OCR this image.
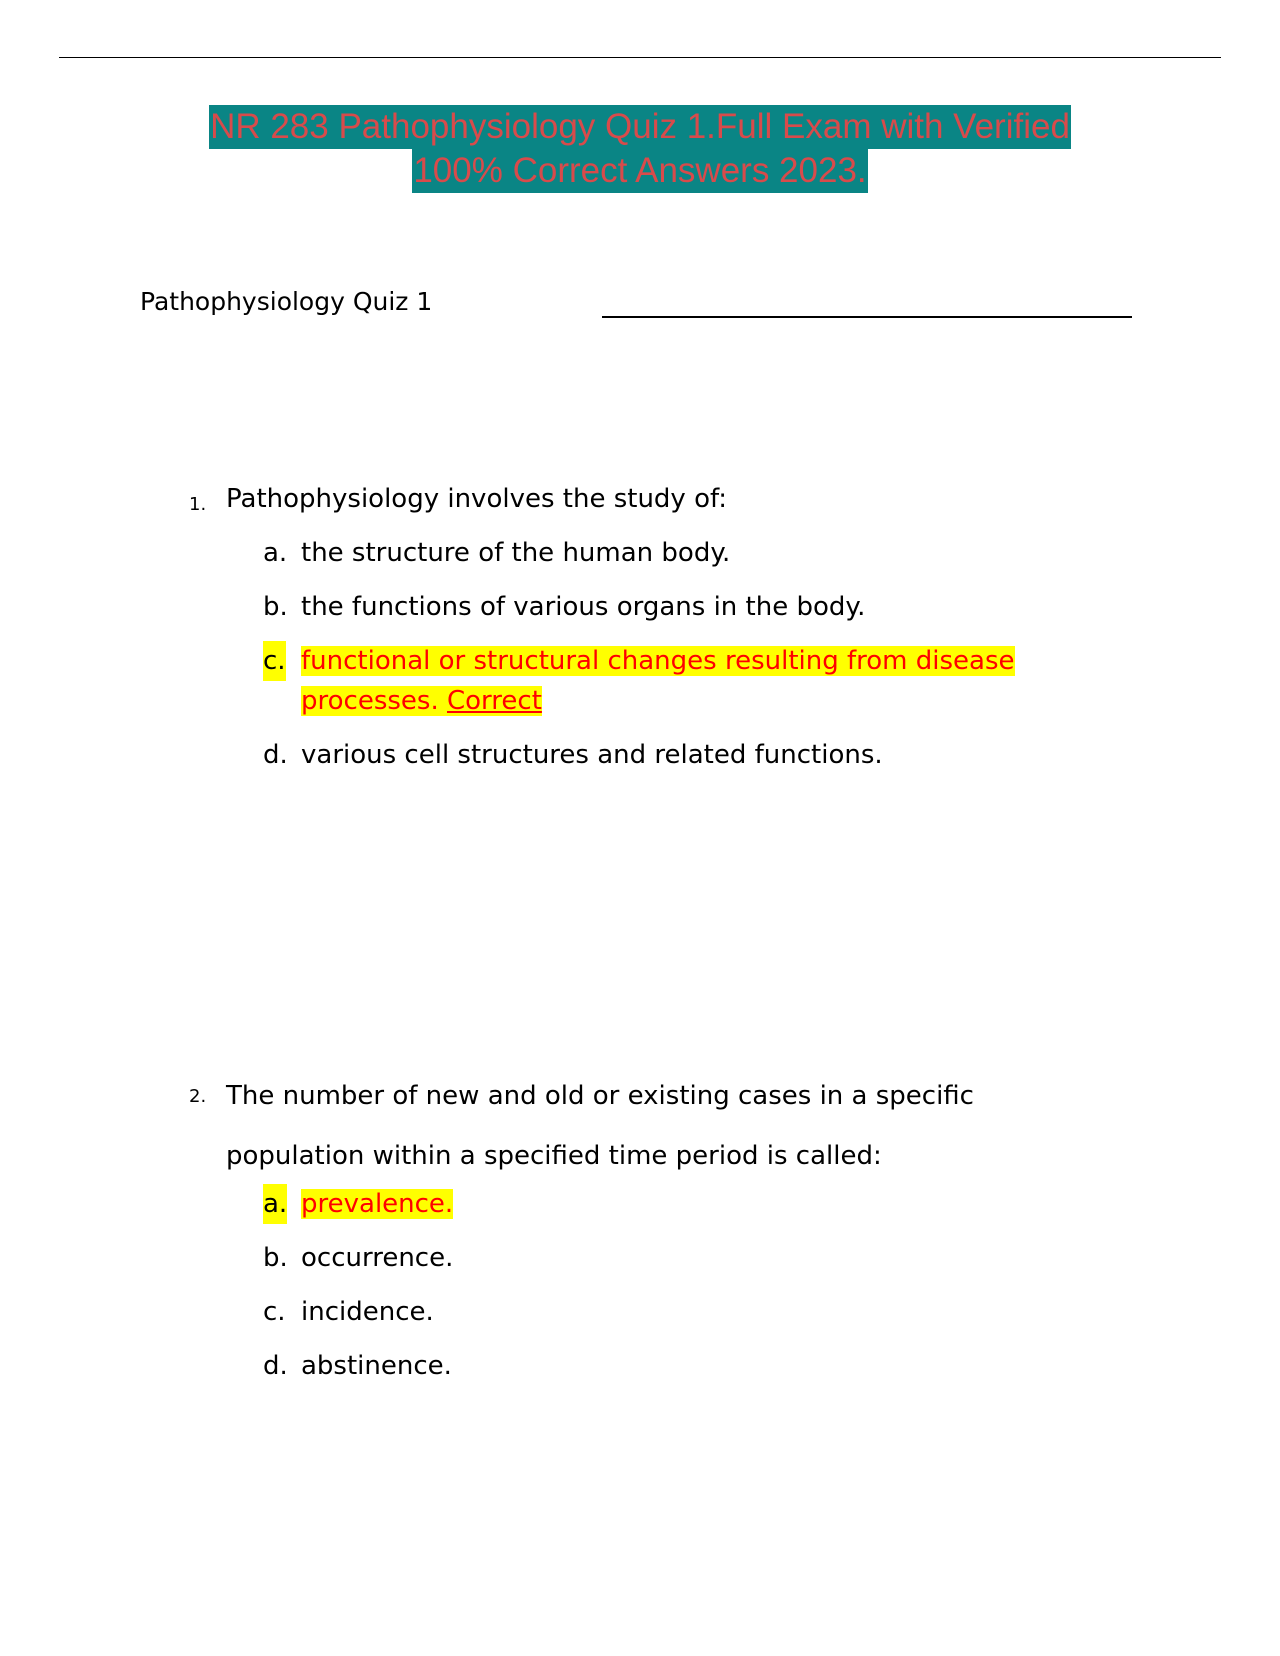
NR 283 Pathophysiology Quiz 1.Full Exam with Verified
100% Correct Answers 2023.
Pathophysiology Quiz 1
1. Pathophysiology involves the study of:
a. the structure of the human body.
b. the functions of various organs in the body.
c. functional or structural changes resulting from disease
processes. Correct
d. various cell structures and related functions.
2. The number of new and old or existing cases in a specific
population within a specified time period is called:
a. prevalence.
b. occurrence.
c. incidence.
d. abstinence.
